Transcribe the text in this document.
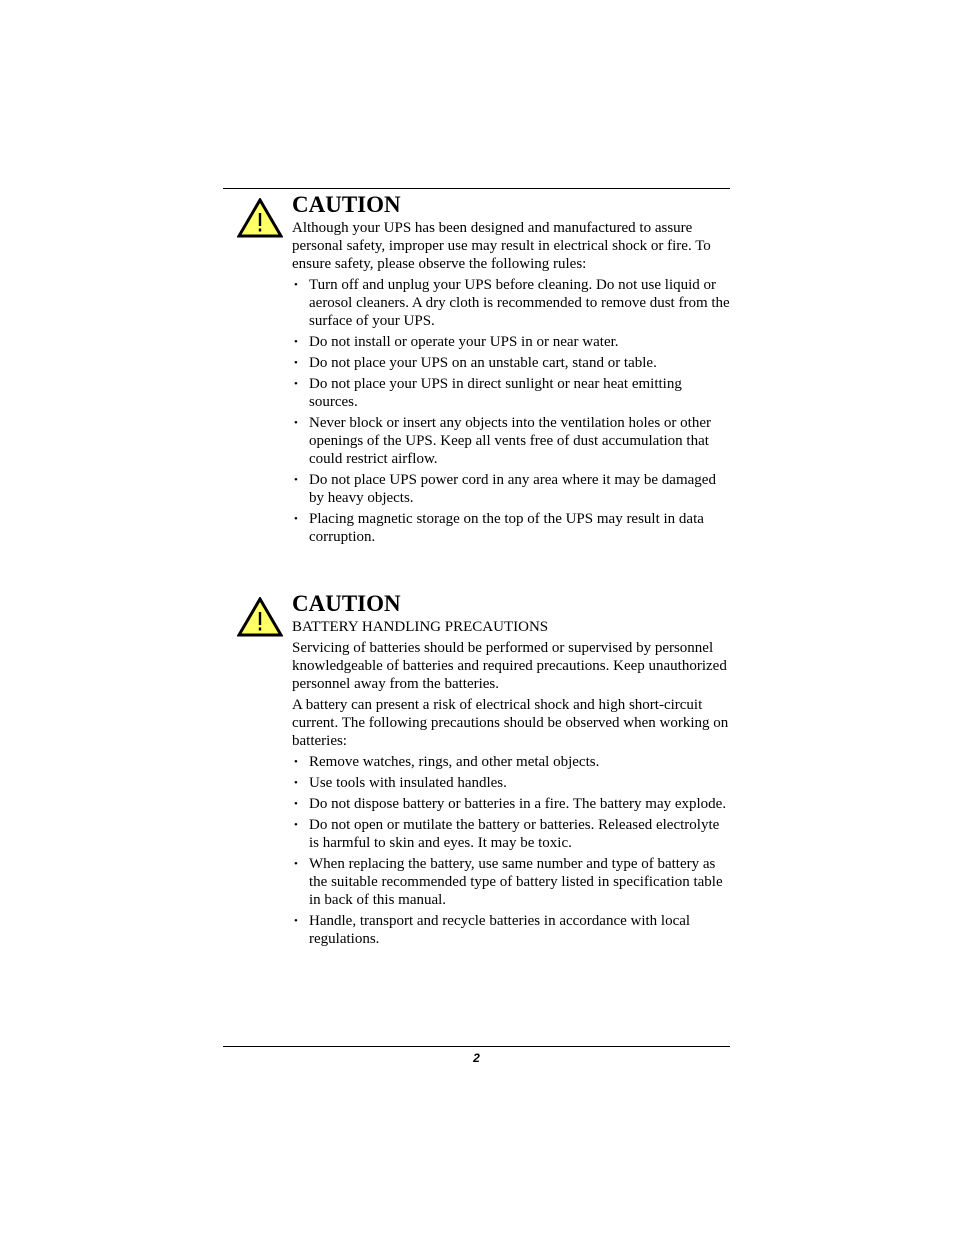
CAUTION

Although your UPS has been designed and manufactured to assure personal safety, improper use may result in electrical shock or fire. To ensure safety, please observe the following rules:

• Turn off and unplug your UPS before cleaning. Do not use liquid or aerosol cleaners. A dry cloth is recommended to remove dust from the surface of your UPS.
• Do not install or operate your UPS in or near water.
• Do not place your UPS on an unstable cart, stand or table.
• Do not place your UPS in direct sunlight or near heat emitting sources.
• Never block or insert any objects into the ventilation holes or other openings of the UPS. Keep all vents free of dust accumulation that could restrict airflow.
• Do not place UPS power cord in any area where it may be damaged by heavy objects.
• Placing magnetic storage on the top of the UPS may result in data corruption.
CAUTION

BATTERY HANDLING PRECAUTIONS

Servicing of batteries should be performed or supervised by personnel knowledgeable of batteries and required precautions. Keep unauthorized personnel away from the batteries.

A battery can present a risk of electrical shock and high short-circuit current. The following precautions should be observed when working on batteries:

• Remove watches, rings, and other metal objects.
• Use tools with insulated handles.
• Do not dispose battery or batteries in a fire. The battery may explode.
• Do not open or mutilate the battery or batteries. Released electrolyte is harmful to skin and eyes. It may be toxic.
• When replacing the battery, use same number and type of battery as the suitable recommended type of battery listed in specification table in back of this manual.
• Handle, transport and recycle batteries in accordance with local regulations.
2
